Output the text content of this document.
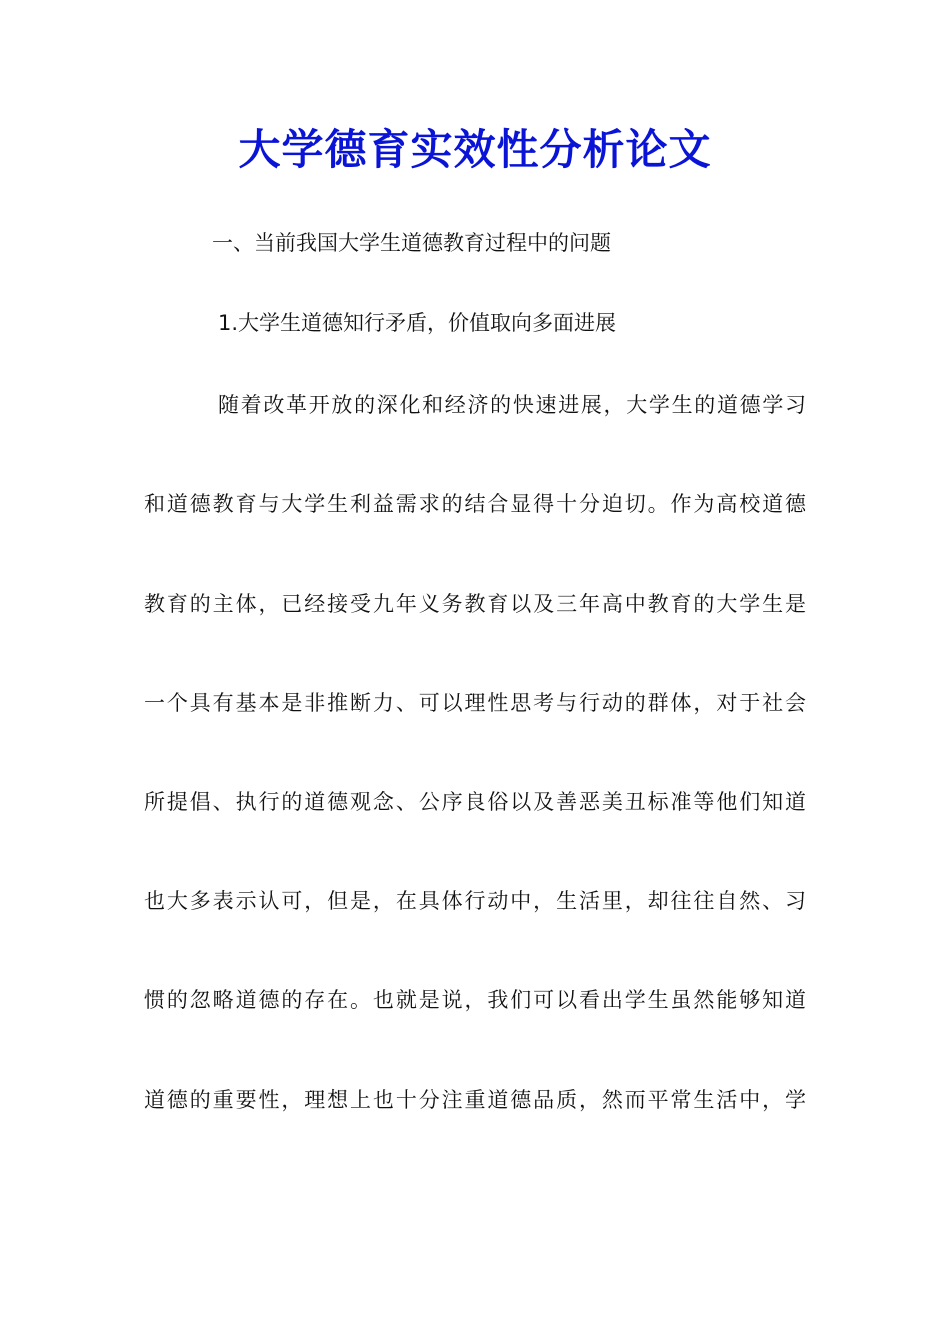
大学德育实效性分析论文

一、当前我国大学生道德教育过程中的问题

1.大学生道德知行矛盾，价值取向多面进展

随着改革开放的深化和经济的快速进展，大学生的道德学习

和道德教育与大学生利益需求的结合显得十分迫切。作为高校道德

教育的主体，已经接受九年义务教育以及三年高中教育的大学生是

一个具有基本是非推断力、可以理性思考与行动的群体，对于社会

所提倡、执行的道德观念、公序良俗以及善恶美丑标准等他们知道

也大多表示认可，但是，在具体行动中，生活里，却往往自然、习

惯的忽略道德的存在。也就是说，我们可以看出学生虽然能够知道

道德的重要性，理想上也十分注重道德品质，然而平常生活中，学
